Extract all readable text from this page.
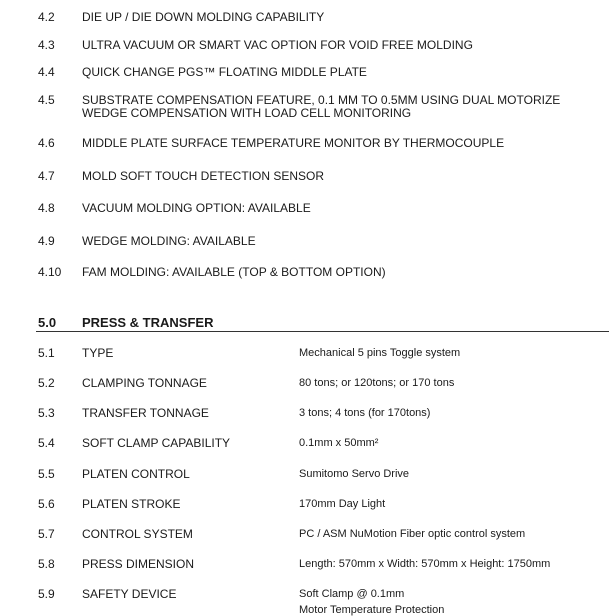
4.2 DIE UP / DIE DOWN MOLDING CAPABILITY
4.3 ULTRA VACUUM OR SMART VAC OPTION FOR VOID FREE MOLDING
4.4 QUICK CHANGE PGS™ FLOATING MIDDLE PLATE
4.5 SUBSTRATE COMPENSATION FEATURE, 0.1 MM TO 0.5MM USING DUAL MOTORIZE
WEDGE COMPENSATION WITH LOAD CELL MONITORING
4.6 MIDDLE PLATE SURFACE TEMPERATURE MONITOR BY THERMOCOUPLE
4.7 MOLD SOFT TOUCH DETECTION SENSOR
4.8 VACUUM MOLDING OPTION: AVAILABLE
4.9 WEDGE MOLDING: AVAILABLE
4.10 FAM MOLDING: AVAILABLE (TOP & BOTTOM OPTION)
5.0 PRESS & TRANSFER
5.1 TYPE	Mechanical 5 pins Toggle system
5.2 CLAMPING TONNAGE	80 tons; or 120tons; or 170 tons
5.3 TRANSFER TONNAGE	3 tons; 4 tons (for 170tons)
5.4 SOFT CLAMP CAPABILITY	0.1mm x 50mm²
5.5 PLATEN CONTROL	Sumitomo Servo Drive
5.6 PLATEN STROKE	170mm Day Light
5.7 CONTROL SYSTEM	PC / ASM NuMotion Fiber optic control system
5.8 PRESS DIMENSION	Length: 570mm x Width: 570mm x Height: 1750mm
5.9 SAFETY DEVICE	Soft Clamp @ 0.1mm
Motor Temperature Protection
